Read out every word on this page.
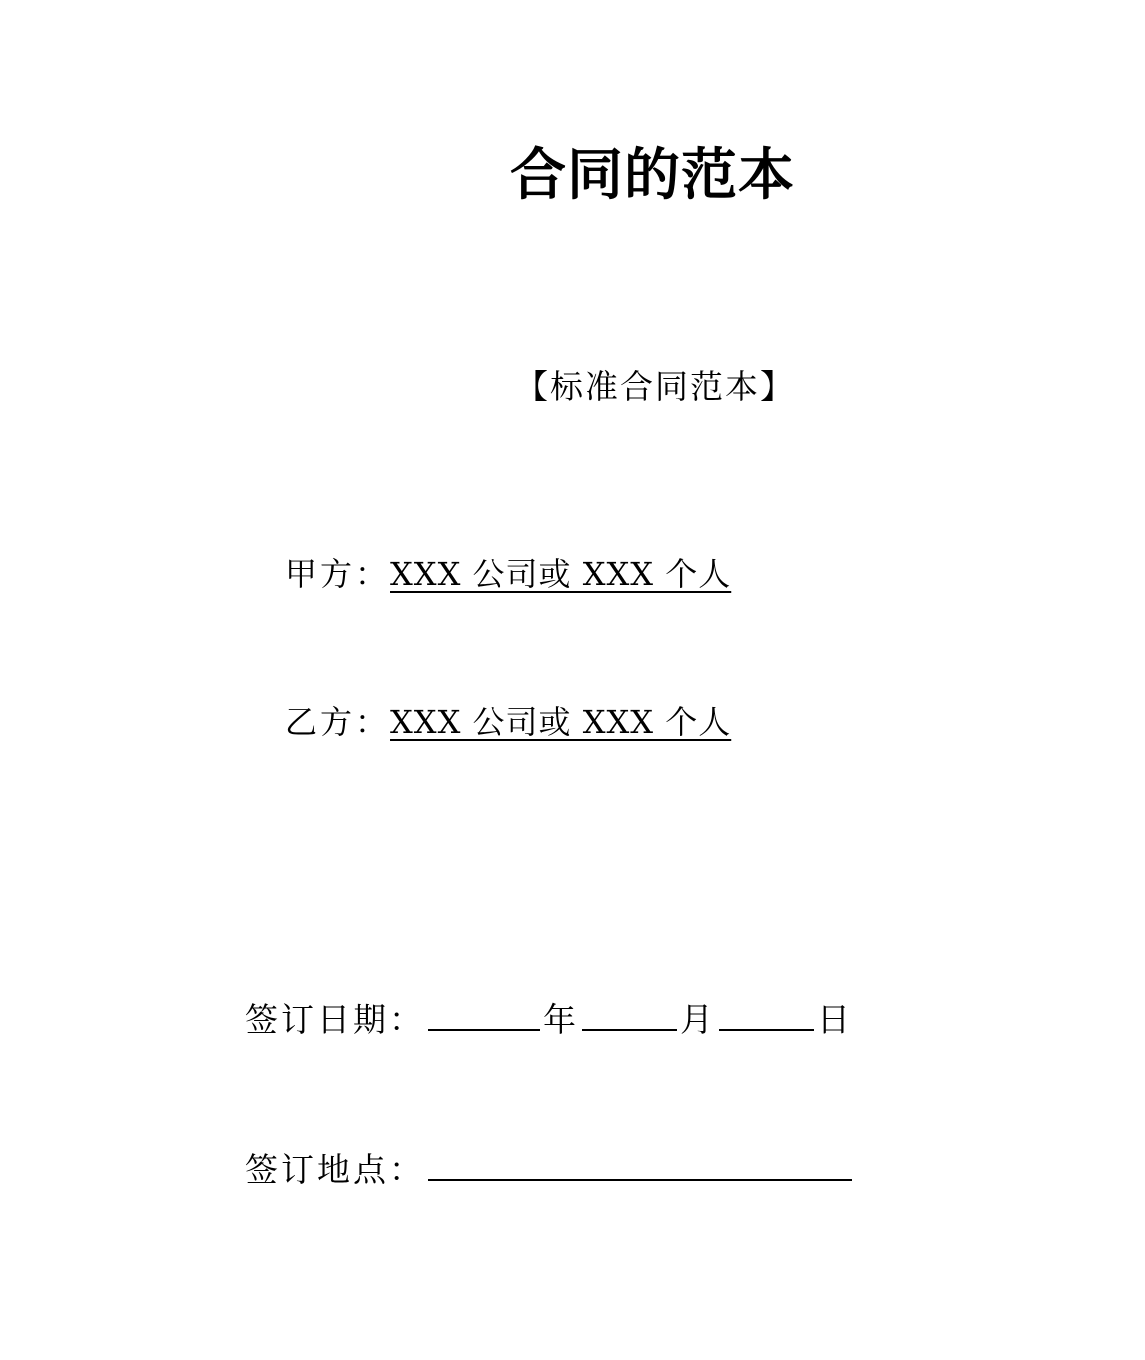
合同的范本
【标准合同范本】
甲方：XXX 公司或 XXX 个人
乙方：XXX 公司或 XXX 个人
签订日期：	年	月	日
签订地点：
